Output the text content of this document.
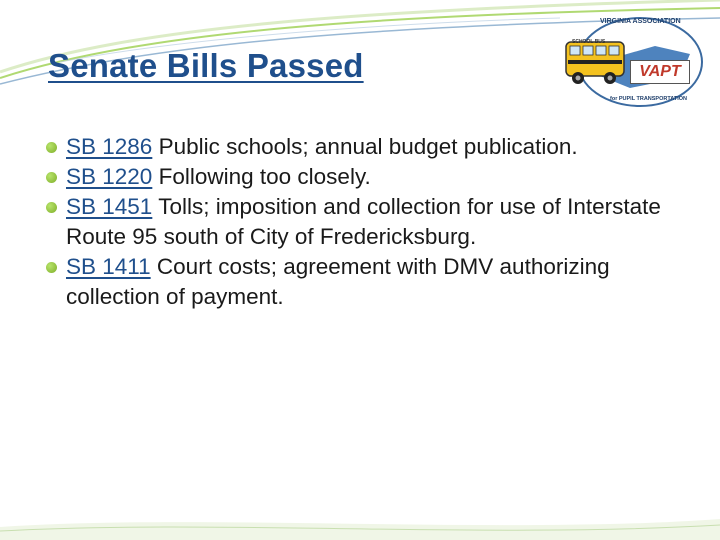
Senate Bills Passed
VIRGINIA ASSOCIATION
SCHOOL BUS
VAPT
for PUPIL TRANSPORTATION
SB 1286 Public schools; annual budget publication.
SB 1220 Following too closely.
SB 1451 Tolls; imposition and collection for use of Interstate Route 95 south of City of Fredericksburg.
SB 1411 Court costs; agreement with DMV authorizing collection of payment.
